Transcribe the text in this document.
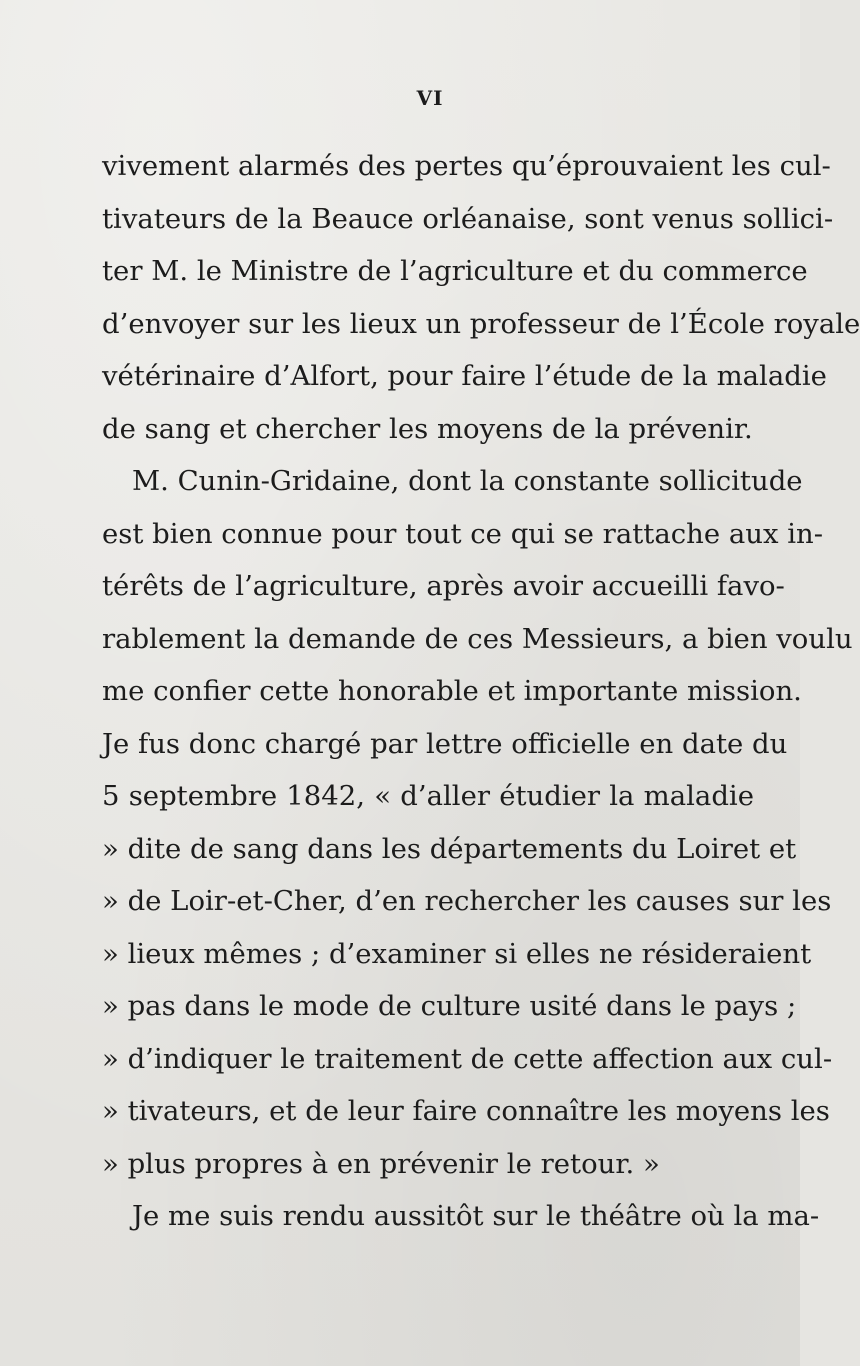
VI
vivement alarmés des pertes qu’éprouvaient les cul-
tivateurs de la Beauce orléanaise, sont venus sollici-
ter M. le Ministre de l’agriculture et du commerce
d’envoyer sur les lieux un professeur de l’École royale
vétérinaire d’Alfort, pour faire l’étude de la maladie
de sang et chercher les moyens de la prévenir.
M. Cunin-Gridaine, dont la constante sollicitude
est bien connue pour tout ce qui se rattache aux in-
térêts de l’agriculture, après avoir accueilli favo-
rablement la demande de ces Messieurs, a bien voulu
me confier cette honorable et importante mission.
Je fus donc chargé par lettre officielle en date du
5 septembre 1842, « d’aller étudier la maladie
» dite de sang dans les départements du Loiret et
» de Loir-et-Cher, d’en rechercher les causes sur les
» lieux mêmes ; d’examiner si elles ne résideraient
» pas dans le mode de culture usité dans le pays ;
» d’indiquer le traitement de cette affection aux cul-
» tivateurs, et de leur faire connaître les moyens les
» plus propres à en prévenir le retour. »
Je me suis rendu aussitôt sur le théâtre où la ma-
